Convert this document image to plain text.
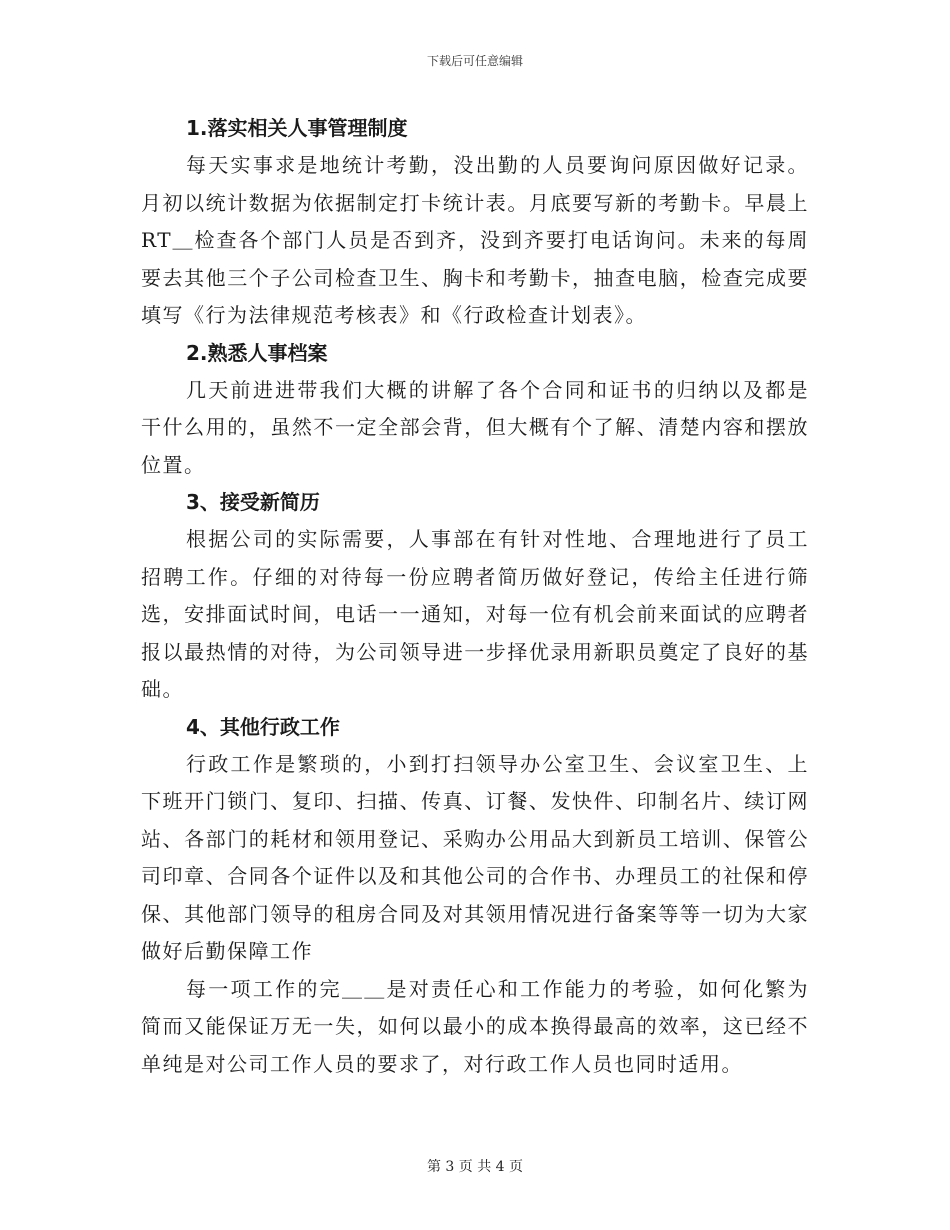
下载后可任意编辑

1.落实相关人事管理制度

每天实事求是地统计考勤，没出勤的人员要询问原因做好记录。月初以统计数据为依据制定打卡统计表。月底要写新的考勤卡。早晨上RT＿检查各个部门人员是否到齐，没到齐要打电话询问。未来的每周要去其他三个子公司检查卫生、胸卡和考勤卡，抽查电脑，检查完成要填写《行为法律规范考核表》和《行政检查计划表》。

2.熟悉人事档案

几天前进进带我们大概的讲解了各个合同和证书的归纳以及都是干什么用的，虽然不一定全部会背，但大概有个了解、清楚内容和摆放位置。

3、接受新简历

根据公司的实际需要，人事部在有针对性地、合理地进行了员工招聘工作。仔细的对待每一份应聘者简历做好登记，传给主任进行筛选，安排面试时间，电话一一通知，对每一位有机会前来面试的应聘者报以最热情的对待，为公司领导进一步择优录用新职员奠定了良好的基础。

4、其他行政工作

行政工作是繁琐的，小到打扫领导办公室卫生、会议室卫生、上下班开门锁门、复印、扫描、传真、订餐、发快件、印制名片、续订网站、各部门的耗材和领用登记、采购办公用品大到新员工培训、保管公司印章、合同各个证件以及和其他公司的合作书、办理员工的社保和停保、其他部门领导的租房合同及对其领用情况进行备案等等一切为大家做好后勤保障工作

每一项工作的完＿＿是对责任心和工作能力的考验，如何化繁为简而又能保证万无一失，如何以最小的成本换得最高的效率，这已经不单纯是对公司工作人员的要求了，对行政工作人员也同时适用。

第 3 页 共 4 页
